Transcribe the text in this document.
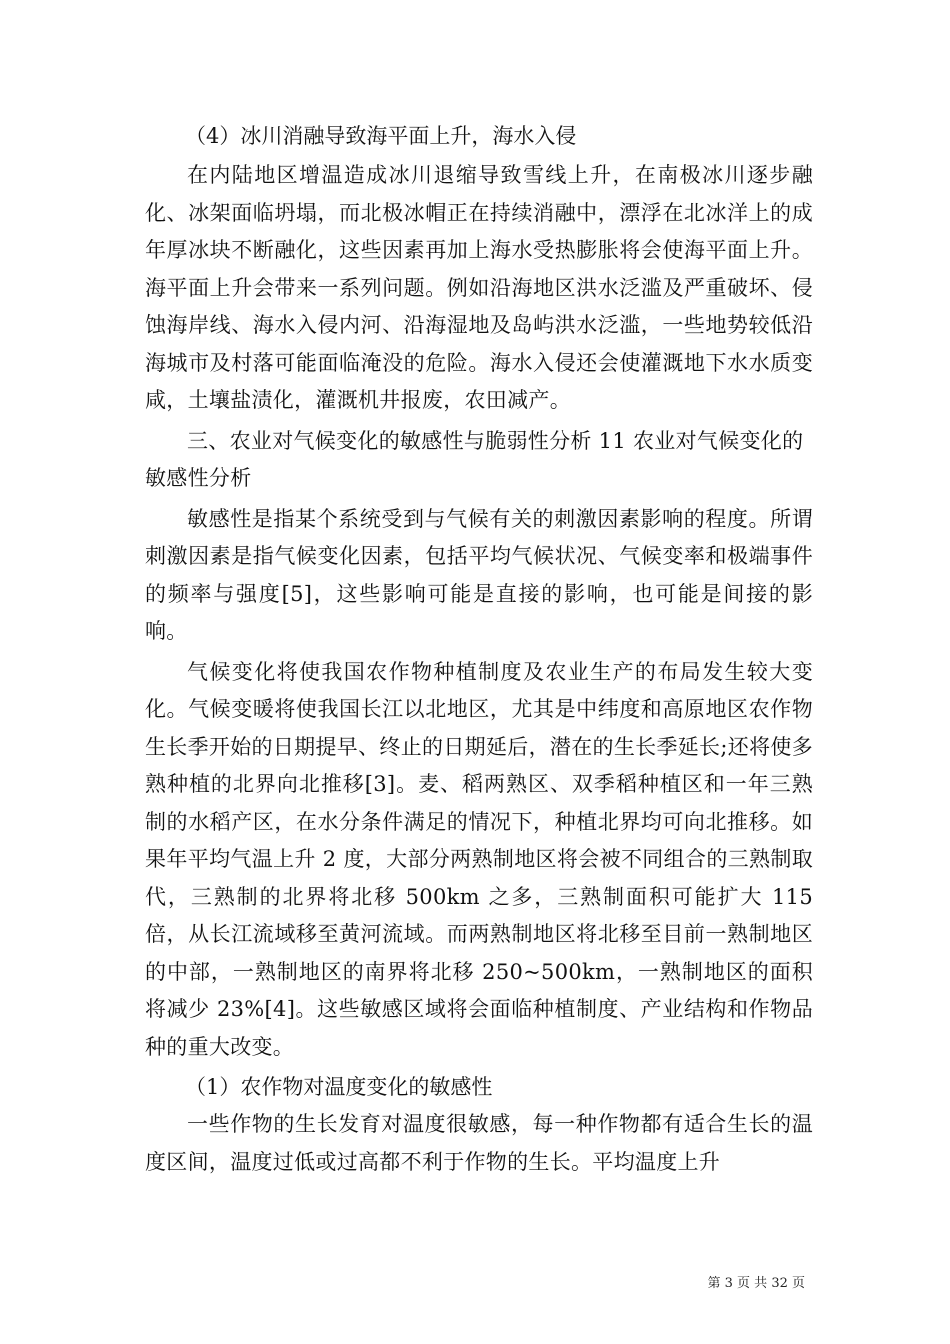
（4）冰川消融导致海平面上升，海水入侵

在内陆地区增温造成冰川退缩导致雪线上升，在南极冰川逐步融化、冰架面临坍塌，而北极冰帽正在持续消融中，漂浮在北冰洋上的成年厚冰块不断融化，这些因素再加上海水受热膨胀将会使海平面上升。海平面上升会带来一系列问题。例如沿海地区洪水泛滥及严重破坏、侵蚀海岸线、海水入侵内河、沿海湿地及岛屿洪水泛滥，一些地势较低沿海城市及村落可能面临淹没的危险。海水入侵还会使灌溉地下水水质变咸，土壤盐渍化，灌溉机井报废，农田减产。

三、农业对气候变化的敏感性与脆弱性分析 11 农业对气候变化的敏感性分析

敏感性是指某个系统受到与气候有关的刺激因素影响的程度。所谓刺激因素是指气候变化因素，包括平均气候状况、气候变率和极端事件的频率与强度[5]，这些影响可能是直接的影响，也可能是间接的影响。

气候变化将使我国农作物种植制度及农业生产的布局发生较大变化。气候变暖将使我国长江以北地区，尤其是中纬度和高原地区农作物生长季开始的日期提早、终止的日期延后，潜在的生长季延长;还将使多熟种植的北界向北推移[3]。麦、稻两熟区、双季稻种植区和一年三熟制的水稻产区，在水分条件满足的情况下，种植北界均可向北推移。如果年平均气温上升 2 度，大部分两熟制地区将会被不同组合的三熟制取代，三熟制的北界将北移 500km 之多，三熟制面积可能扩大 115 倍，从长江流域移至黄河流域。而两熟制地区将北移至目前一熟制地区的中部，一熟制地区的南界将北移 250~500km，一熟制地区的面积将减少 23%[4]。这些敏感区域将会面临种植制度、产业结构和作物品种的重大改变。

（1）农作物对温度变化的敏感性

一些作物的生长发育对温度很敏感，每一种作物都有适合生长的温度区间，温度过低或过高都不利于作物的生长。平均温度上升

第 3 页 共 32 页
